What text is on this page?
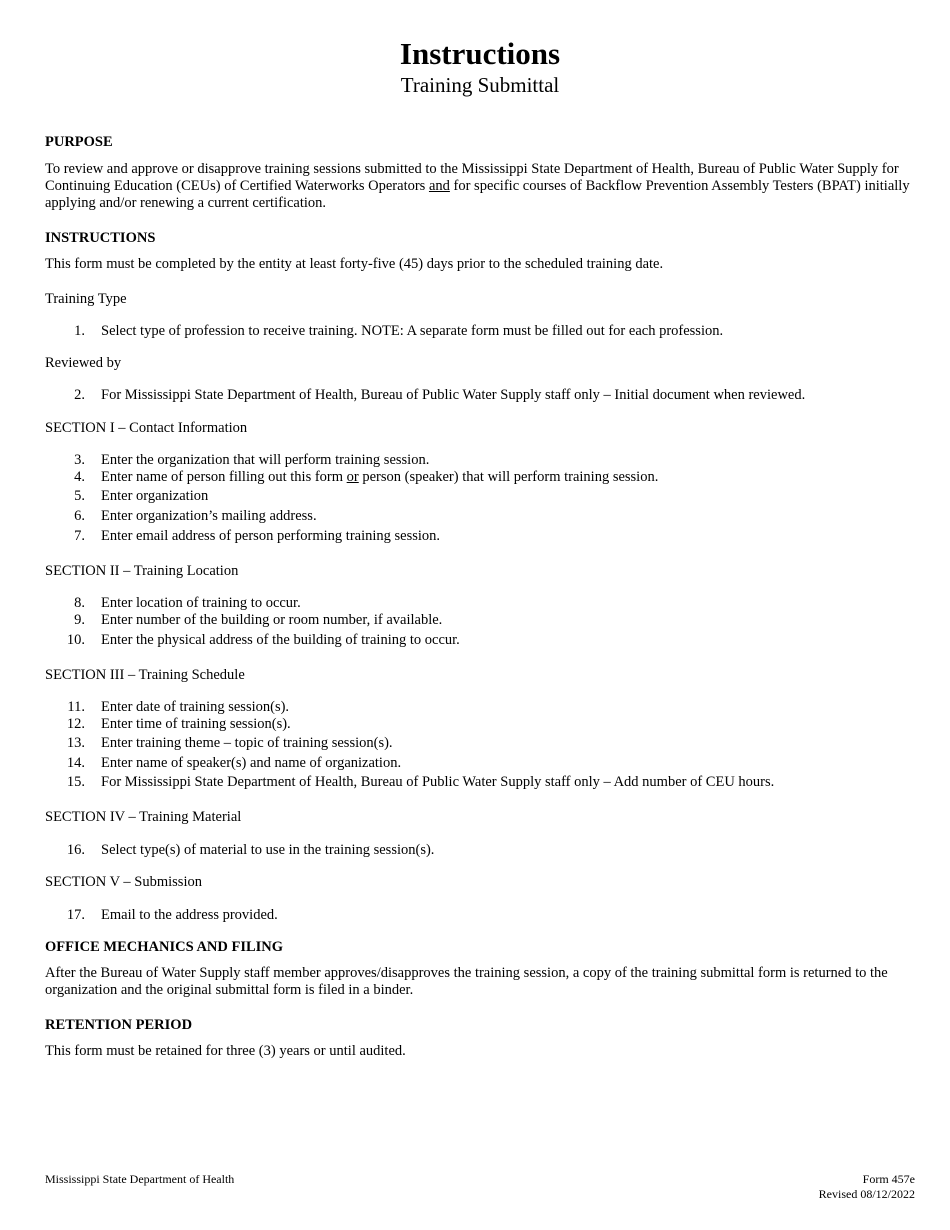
Instructions
Training Submittal
PURPOSE
To review and approve or disapprove training sessions submitted to the Mississippi State Department of Health, Bureau of Public Water Supply for Continuing Education (CEUs) of Certified Waterworks Operators and for specific courses of Backflow Prevention Assembly Testers (BPAT) initially applying and/or renewing a current certification.
INSTRUCTIONS
This form must be completed by the entity at least forty-five (45) days prior to the scheduled training date.
Training Type
1. Select type of profession to receive training. NOTE: A separate form must be filled out for each profession.
Reviewed by
2. For Mississippi State Department of Health, Bureau of Public Water Supply staff only – Initial document when reviewed.
SECTION I – Contact Information
3. Enter the organization that will perform training session.
4. Enter name of person filling out this form or person (speaker) that will perform training session.
5. Enter organization
6. Enter organization’s mailing address.
7. Enter email address of person performing training session.
SECTION II – Training Location
8. Enter location of training to occur.
9. Enter number of the building or room number, if available.
10. Enter the physical address of the building of training to occur.
SECTION III – Training Schedule
11. Enter date of training session(s).
12. Enter time of training session(s).
13. Enter training theme – topic of training session(s).
14. Enter name of speaker(s) and name of organization.
15. For Mississippi State Department of Health, Bureau of Public Water Supply staff only – Add number of CEU hours.
SECTION IV – Training Material
16. Select type(s) of material to use in the training session(s).
SECTION V – Submission
17. Email to the address provided.
OFFICE MECHANICS AND FILING
After the Bureau of Water Supply staff member approves/disapproves the training session, a copy of the training submittal form is returned to the organization and the original submittal form is filed in a binder.
RETENTION PERIOD
This form must be retained for three (3) years or until audited.
Mississippi State Department of Health	Form 457e
Revised 08/12/2022
